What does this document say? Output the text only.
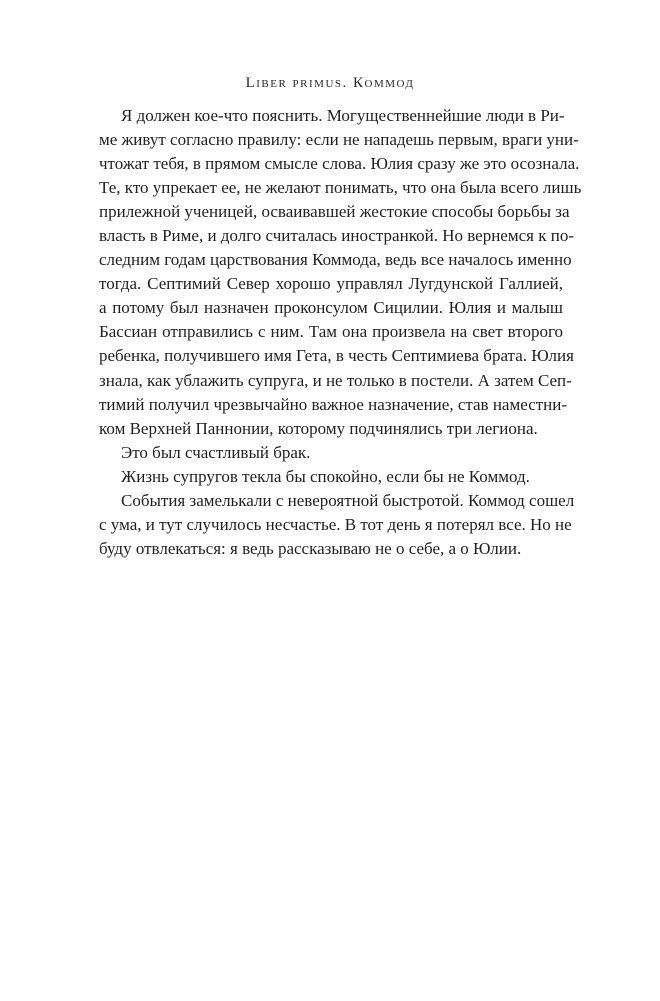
Liber primus. Коммод
Я должен кое-что пояснить. Могущественнейшие люди в Ри-
ме живут согласно правилу: если не нападешь первым, враги уни-
чтожат тебя, в прямом смысле слова. Юлия сразу же это осознала.
Те, кто упрекает ее, не желают понимать, что она была всего лишь
прилежной ученицей, осваивавшей жестокие способы борьбы за
власть в Риме, и долго считалась иностранкой. Но вернемся к по-
следним годам царствования Коммода, ведь все началось именно
тогда. Септимий Север хорошо управлял Лугдунской Галлией,
а потому был назначен проконсулом Сицилии. Юлия и малыш
Бассиан отправились с ним. Там она произвела на свет второго
ребенка, получившего имя Гета, в честь Септимиева брата. Юлия
знала, как ублажить супруга, и не только в постели. А затем Сеп-
тимий получил чрезвычайно важное назначение, став наместни-
ком Верхней Паннонии, которому подчинялись три легиона.
Это был счастливый брак.
Жизнь супругов текла бы спокойно, если бы не Коммод.
События замелькали с невероятной быстротой. Коммод сошел
с ума, и тут случилось несчастье. В тот день я потерял все. Но не
буду отвлекаться: я ведь рассказываю не о себе, а о Юлии.
